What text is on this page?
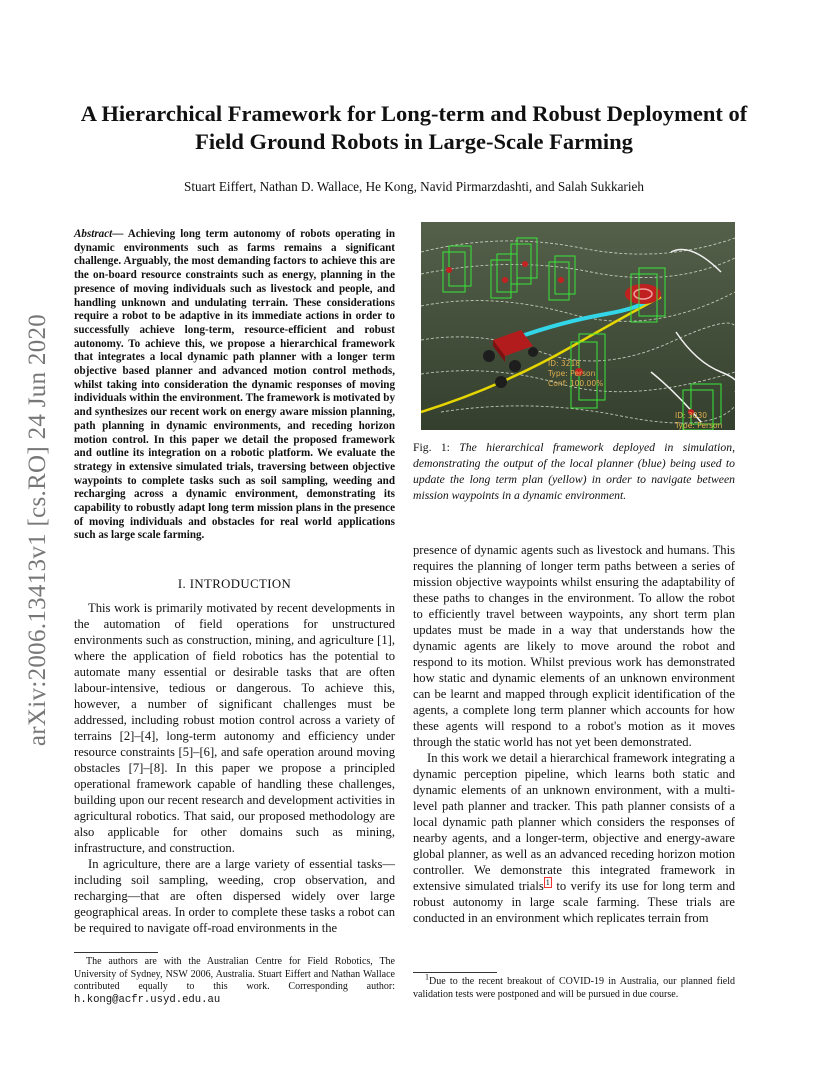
arXiv:2006.13413v1 [cs.RO] 24 Jun 2020
A Hierarchical Framework for Long-term and Robust Deployment of
Field Ground Robots in Large-Scale Farming
Stuart Eiffert, Nathan D. Wallace, He Kong, Navid Pirmarzdashti, and Salah Sukkarieh
Abstract— Achieving long term autonomy of robots operating in dynamic environments such as farms remains a significant challenge. Arguably, the most demanding factors to achieve this are the on-board resource constraints such as energy, planning in the presence of moving individuals such as livestock and people, and handling unknown and undulating terrain. These considerations require a robot to be adaptive in its immediate actions in order to successfully achieve long-term, resource-efficient and robust autonomy. To achieve this, we propose a hierarchical framework that integrates a local dynamic path planner with a longer term objective based planner and advanced motion control methods, whilst taking into consideration the dynamic responses of moving individuals within the environment. The framework is motivated by and synthesizes our recent work on energy aware mission planning, path planning in dynamic environments, and receding horizon motion control. In this paper we detail the proposed framework and outline its integration on a robotic platform. We evaluate the strategy in extensive simulated trials, traversing between objective waypoints to complete tasks such as soil sampling, weeding and recharging across a dynamic environment, demonstrating its capability to robustly adapt long term mission plans in the presence of moving individuals and obstacles for real world applications such as large scale farming.
I. INTRODUCTION

This work is primarily motivated by recent developments in the automation of field operations for unstructured environments such as construction, mining, and agriculture [1], where the application of field robotics has the potential to automate many essential or desirable tasks that are often labour-intensive, tedious or dangerous. To achieve this, however, a number of significant challenges must be addressed, including robust motion control across a variety of terrains [2]–[4], long-term autonomy and efficiency under resource constraints [5]–[6], and safe operation around moving obstacles [7]–[8]. In this paper we propose a principled operational framework capable of handling these challenges, building upon our recent research and development activities in agricultural robotics. That said, our proposed methodology are also applicable for other domains such as mining, infrastructure, and construction.

In agriculture, there are a large variety of essential tasks—including soil sampling, weeding, crop observation, and recharging—that are often dispersed widely over large geographical areas. In order to complete these tasks a robot can be required to navigate off-road environments in the

The authors are with the Australian Centre for Field Robotics, The University of Sydney, NSW 2006, Australia. Stuart Eiffert and Nathan Wallace contributed equally to this work. Corresponding author: h.kong@acfr.usyd.edu.au
ID: 3218
Type: Person
Conf: 100.00%
ID: 3030
Type: Person
Fig. 1: The hierarchical framework deployed in simulation, demonstrating the output of the local planner (blue) being used to update the long term plan (yellow) in order to navigate between mission waypoints in a dynamic environment.

presence of dynamic agents such as livestock and humans. This requires the planning of longer term paths between a series of mission objective waypoints whilst ensuring the adaptability of these paths to changes in the environment. To allow the robot to efficiently travel between waypoints, any short term plan updates must be made in a way that understands how the dynamic agents are likely to move around the robot and respond to its motion. Whilst previous work has demonstrated how static and dynamic elements of an unknown environment can be learnt and mapped through explicit identification of the agents, a complete long term planner which accounts for how these agents will respond to a robot's motion as it moves through the static world has not yet been demonstrated.

In this work we detail a hierarchical framework integrating a dynamic perception pipeline, which learns both static and dynamic elements of an unknown environment, with a multi-level path planner and tracker. This path planner consists of a local dynamic path planner which considers the responses of nearby agents, and a longer-term, objective and energy-aware global planner, as well as an advanced receding horizon motion controller. We demonstrate this integrated framework in extensive simulated trials $^1$ to verify its use for long term and robust autonomy in large scale farming. These trials are conducted in an environment which replicates terrain from

$^1$Due to the recent breakout of COVID-19 in Australia, our planned field validation tests were postponed and will be pursued in due course.
